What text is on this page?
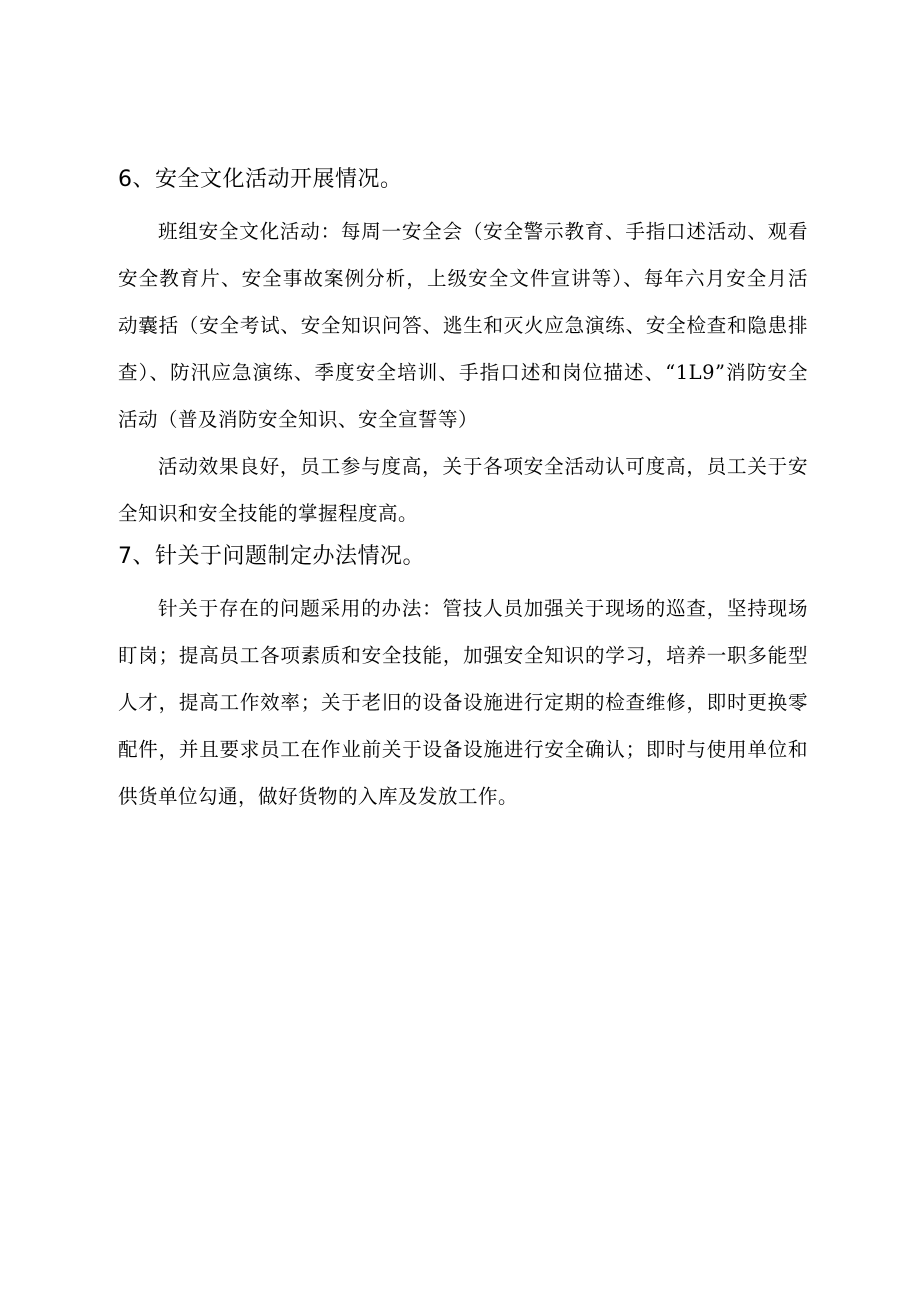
6、安全文化活动开展情况。

班组安全文化活动：每周一安全会（安全警示教育、手指口述活动、观看安全教育片、安全事故案例分析，上级安全文件宣讲等）、每年六月安全月活动囊括（安全考试、安全知识问答、逃生和灭火应急演练、安全检查和隐患排查）、防汛应急演练、季度安全培训、手指口述和岗位描述、“1L9”消防安全活动（普及消防安全知识、安全宣誓等）

活动效果良好，员工参与度高，关于各项安全活动认可度高，员工关于安全知识和安全技能的掌握程度高。

7、针关于问题制定办法情况。

针关于存在的问题采用的办法：管技人员加强关于现场的巡查，坚持现场盯岗；提高员工各项素质和安全技能，加强安全知识的学习，培养一职多能型人才，提高工作效率；关于老旧的设备设施进行定期的检查维修，即时更换零配件，并且要求员工在作业前关于设备设施进行安全确认；即时与使用单位和供货单位勾通，做好货物的入库及发放工作。
